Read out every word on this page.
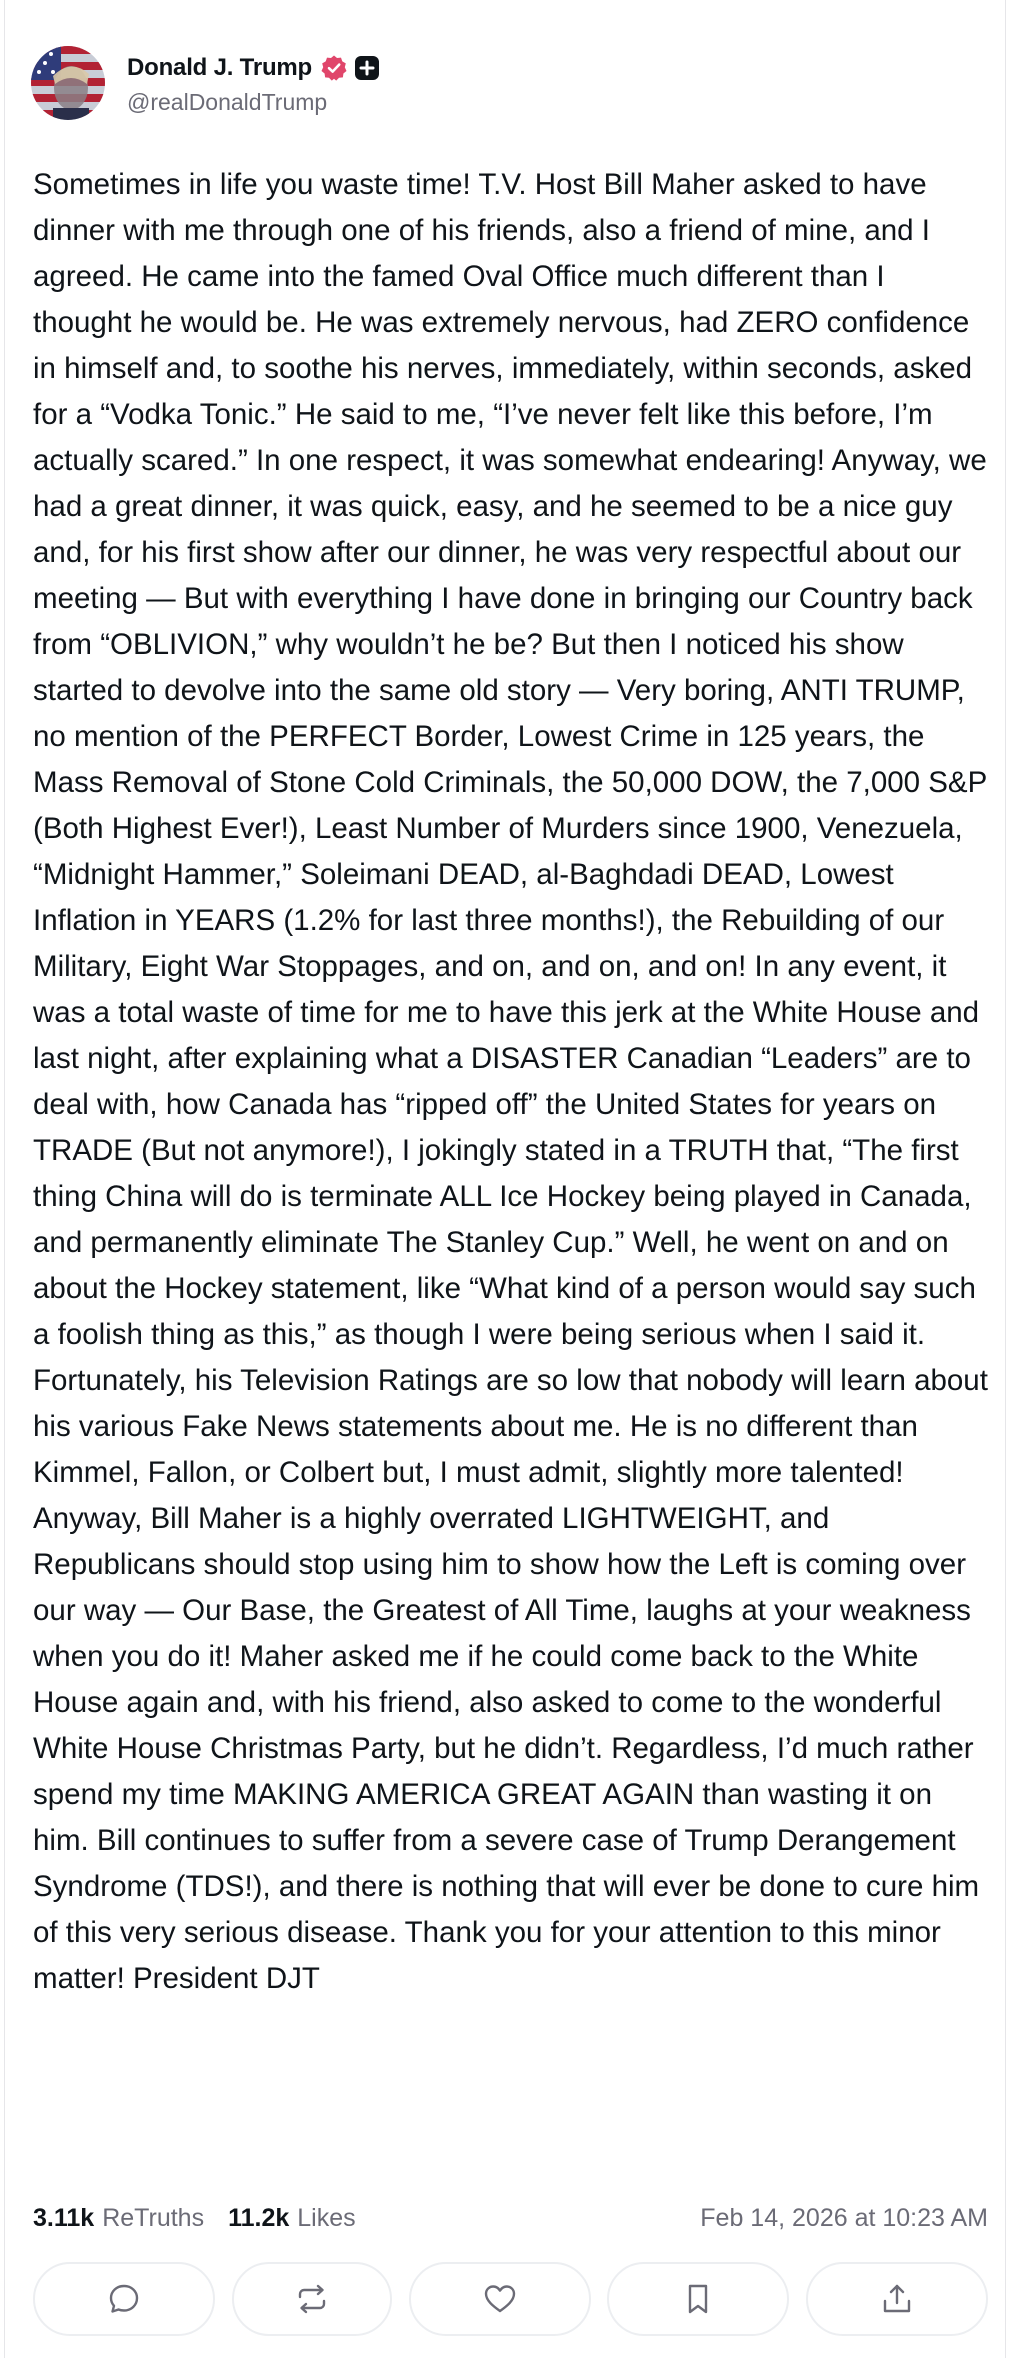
Donald J. Trump
@realDonaldTrump
Sometimes in life you waste time! T.V. Host Bill Maher asked to have dinner with me through one of his friends, also a friend of mine, and I agreed. He came into the famed Oval Office much different than I thought he would be. He was extremely nervous, had ZERO confidence in himself and, to soothe his nerves, immediately, within seconds, asked for a “Vodka Tonic.” He said to me, “I’ve never felt like this before, I’m actually scared.” In one respect, it was somewhat endearing! Anyway, we had a great dinner, it was quick, easy, and he seemed to be a nice guy and, for his first show after our dinner, he was very respectful about our meeting — But with everything I have done in bringing our Country back from “OBLIVION,” why wouldn’t he be? But then I noticed his show started to devolve into the same old story — Very boring, ANTI TRUMP, no mention of the PERFECT Border, Lowest Crime in 125 years, the Mass Removal of Stone Cold Criminals, the 50,000 DOW, the 7,000 S&P (Both Highest Ever!), Least Number of Murders since 1900, Venezuela, “Midnight Hammer,” Soleimani DEAD, al-Baghdadi DEAD, Lowest Inflation in YEARS (1.2% for last three months!), the Rebuilding of our Military, Eight War Stoppages, and on, and on, and on! In any event, it was a total waste of time for me to have this jerk at the White House and last night, after explaining what a DISASTER Canadian “Leaders” are to deal with, how Canada has “ripped off” the United States for years on TRADE (But not anymore!), I jokingly stated in a TRUTH that, “The first thing China will do is terminate ALL Ice Hockey being played in Canada, and permanently eliminate The Stanley Cup.” Well, he went on and on about the Hockey statement, like “What kind of a person would say such a foolish thing as this,” as though I were being serious when I said it. Fortunately, his Television Ratings are so low that nobody will learn about his various Fake News statements about me. He is no different than Kimmel, Fallon, or Colbert but, I must admit, slightly more talented! Anyway, Bill Maher is a highly overrated LIGHTWEIGHT, and Republicans should stop using him to show how the Left is coming over our way — Our Base, the Greatest of All Time, laughs at your weakness when you do it! Maher asked me if he could come back to the White House again and, with his friend, also asked to come to the wonderful White House Christmas Party, but he didn’t. Regardless, I’d much rather spend my time MAKING AMERICA GREAT AGAIN than wasting it on him. Bill continues to suffer from a severe case of Trump Derangement Syndrome (TDS!), and there is nothing that will ever be done to cure him of this very serious disease. Thank you for your attention to this minor matter! President DJT
3.11k ReTruths 11.2k Likes	Feb 14, 2026 at 10:23 AM
